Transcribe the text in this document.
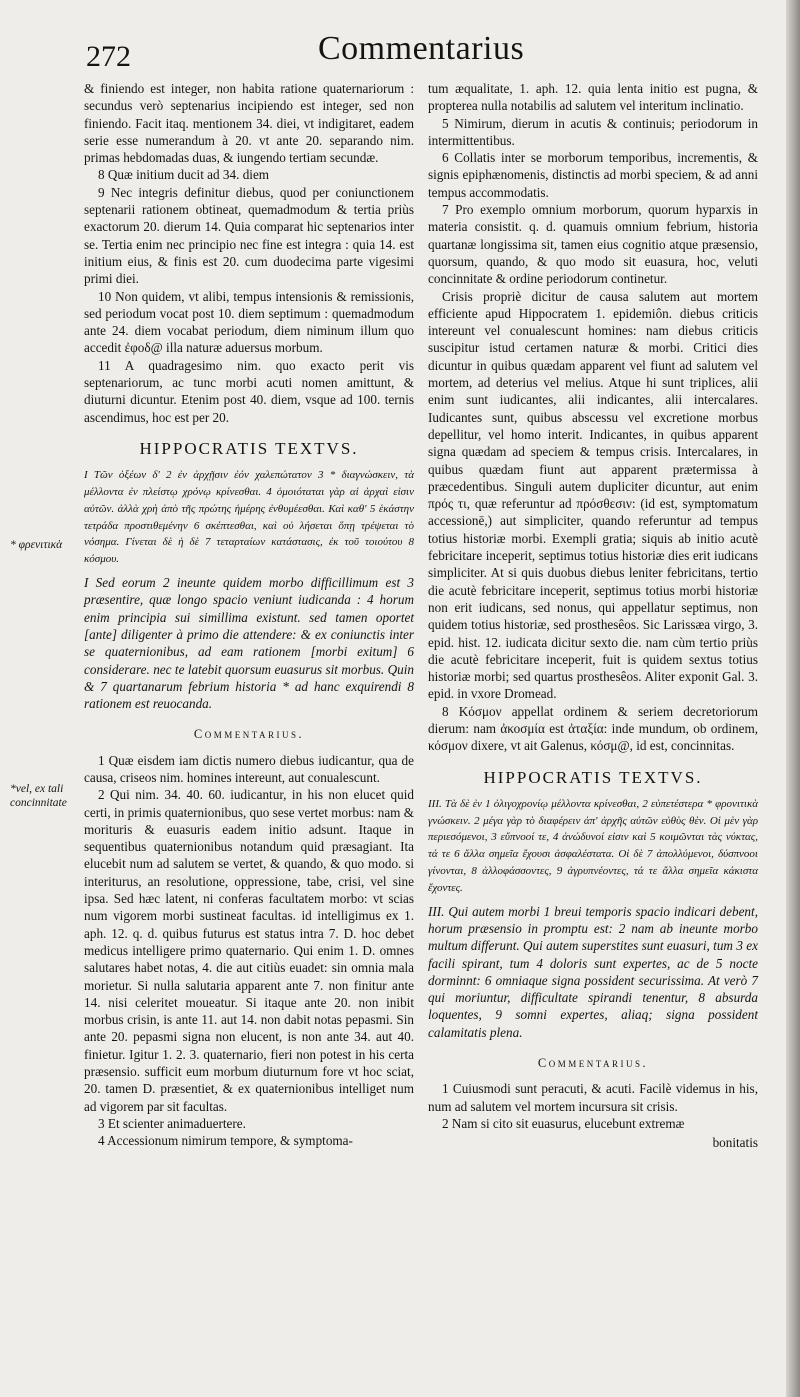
272	Commentarius
* φρενιτικὰ
*vel, ex tali concinnitate

& finiendo est integer, non habita ratione quaternariorum : secundus verò septenarius incipiendo est integer, sed non finiendo. Facit itaq. mentionem 34. diei, vt indigitaret, eadem serie esse numerandum à 20. vt ante 20. separando nim. primas hebdomadas duas, & iungendo tertiam secundæ.

8 Quæ initium ducit ad 34. diem

9 Nec integris definitur diebus, quod per coniunctionem septenarii rationem obtineat, quemadmodum & tertia priùs exactorum 20. dierum 14. Quia comparat hic septenarios inter se. Tertia enim nec principio nec fine est integra : quia 14. est initium eius, & finis est 20. cum duodecima parte vigesimi primi diei.

10 Non quidem, vt alibi, tempus intensionis & remissionis, sed periodum vocat post 10. diem septimum : quemadmodum ante 24. diem vocabat periodum, diem niminum illum quo accedit ἐφοδ@ illa naturæ aduersus morbum.

11 A quadragesimo nim. quo exacto perit vis septenariorum, ac tunc morbi acuti nomen amittunt, & diuturni dicuntur. Etenim post 40. diem, vsque ad 100. ternis ascendimus, hoc est per 20.

HIPPOCRATIS TEXTVS.

I Τῶν ὀξέων δ' 2 ἐν ἀρχῇσιν ἐόν χαλεπώτατον 3 * διαγνώσκειν, τὰ μέλλοντα ἐν πλείστῳ χρόνῳ κρίνεσθαι. 4 ὁμοιόταται γὰρ αἱ ἀρχαὶ εἰσιν αὐτῶν. ἀλλὰ χρὴ ἀπὸ τῆς πρώτης ἡμέρης ἐνθυμέεσθαι. Καὶ καθ' 5 ἑκάστην τετράδα προστιθεμένην 6 σκέπτεσθαι, καὶ οὐ λήσεται ὅπῃ τρέψεται τὸ νόσημα. Γίνεται δὲ ἡ δὲ 7 τεταρταίων κατάστασις, ἐκ τοῦ τοιούτου 8 κόσμου.

I Sed eorum 2 ineunte quidem morbo difficillimum est 3 præsentire, quæ longo spacio veniunt iudicanda : 4 horum enim principia sui simillima existunt. sed tamen oportet [ante] diligenter à primo die attendere: & ex coniunctis inter se quaternionibus, ad eam rationem [morbi exitum] 6 considerare. nec te latebit quorsum euasurus sit morbus. Quin & 7 quartanarum febrium historia * ad hanc exquirendi 8 rationem est reuocanda.

Commentarius.

1 Quæ eisdem iam dictis numero diebus iudicantur, qua de causa, criseos nim. homines intereunt, aut conualescunt.

2 Qui nim. 34. 40. 60. iudicantur, in his non elucet quid certi, in primis quaternionibus, quo sese vertet morbus: nam & morituris & euasuris eadem initio adsunt. Itaque in sequentibus quaternionibus notandum quid præsagiant. Ita elucebit num ad salutem se vertet, & quando, & quo modo. si interiturus, an resolutione, oppressione, tabe, crisi, vel sine ipsa. Sed hæc latent, ni conferas facultatem morbo: vt scias num vigorem morbi sustineat facultas. id intelligimus ex 1. aph. 12. q. d. quibus futurus est status intra 7. D. hoc debet medicus intelligere primo quaternario. Qui enim 1. D. omnes salutares habet notas, 4. die aut citiùs euadet: sin omnia mala morietur. Si nulla salutaria apparent ante 7. non finitur ante 14. nisi celeritet moueatur. Si itaque ante 20. non inibit morbus crisin, is ante 11. aut 14. non dabit notas pepasmi. Sin ante 20. pepasmi signa non elucent, is non ante 34. aut 40. finietur. Igitur 1. 2. 3. quaternario, fieri non potest in his certa præsensio. sufficit eum morbum diuturnum fore vt hoc sciat, 20. tamen D. præsentiet, & ex quaternionibus intelliget num ad vigorem par sit facultas.

3 Et scienter animaduertere.

4 Accessionum nimirum tempore, & symptoma-

tum æqualitate, 1. aph. 12. quia lenta initio est pugna, & propterea nulla notabilis ad salutem vel interitum inclinatio.

5 Nimirum, dierum in acutis & continuis; periodorum in intermittentibus.

6 Collatis inter se morborum temporibus, incrementis, & signis epiphænomenis, distinctis ad morbi speciem, & ad anni tempus accommodatis.

7 Pro exemplo omnium morborum, quorum hyparxis in materia consistit. q. d. quamuis omnium febrium, historia quartanæ longissima sit, tamen eius cognitio atque præsensio, quorsum, quando, & quo modo sit euasura, hoc, veluti concinnitate & ordine periodorum continetur.

Crisis propriè dicitur de causa salutem aut mortem efficiente apud Hippocratem 1. epidemiôn. diebus criticis intereunt vel conualescunt homines: nam diebus criticis suscipitur istud certamen naturæ & morbi. Critici dies dicuntur in quibus quædam apparent vel fiunt ad salutem vel mortem, ad deterius vel melius. Atque hi sunt triplices, alii enim sunt iudicantes, alii indicantes, alii intercalares. Iudicantes sunt, quibus abscessu vel excretione morbus depellitur, vel homo interit. Indicantes, in quibus apparent signa quædam ad speciem & tempus crisis. Intercalares, in quibus quædam fiunt aut apparent prætermissa à præcedentibus. Singuli autem dupliciter dicuntur, aut enim πρός τι, quæ referuntur ad πρόσθεσιν: (id est, symptomatum accessionē,) aut simpliciter, quando referuntur ad tempus totius historiæ morbi. Exempli gratia; siquis ab initio acutè febricitare inceperit, septimus totius historiæ dies erit iudicans simpliciter. At si quis duobus diebus leniter febricitans, tertio die acutè febricitare inceperit, septimus totius morbi historiæ non erit iudicans, sed nonus, qui appellatur septimus, non quidem totius historiæ, sed prosthesêos. Sic Larissæa virgo, 3. epid. hist. 12. iudicata dicitur sexto die. nam cùm tertio priùs die acutè febricitare inceperit, fuit is quidem sextus totius historiæ morbi; sed quartus prosthesêos. Aliter exponit Gal. 3. epid. in vxore Dromead.

8 Κόσμον appellat ordinem & seriem decretoriorum dierum: nam ἀκοσμία est ἀταξία: inde mundum, ob ordinem, κόσμον dixere, vt ait Galenus, κόσμ@, id est, concinnitas.

HIPPOCRATIS TEXTVS.

III. Τὰ δὲ ἐν 1 ὀλιγοχρονίῳ μέλλοντα κρίνεσθαι, 2 εὐπετέστερα * φρονιτικὰ γνώσκειν. 2 μέγα γὰρ τὸ διαφέρειν ἀπ' ἀρχῆς αὐτῶν εὐθὺς θὲν. Οἱ μὲν γὰρ περιεσόμενοι, 3 εὔπνοοί τε, 4 ἀνώδυνοί εἰσιν καὶ 5 κοιμῶνται τὰς νύκτας, τά τε 6 ἄλλα σημεῖα ἔχουσι ἀσφαλέστατα. Οἱ δὲ 7 ἀπολλύμενοι, δύσπνοοι γίνονται, 8 ἀλλοφάσσοντες, 9 ἀγρυπνέοντες, τά τε ἄλλα σημεῖα κάκιστα ἔχοντες.

III. Qui autem morbi 1 breui temporis spacio indicari debent, horum præsensio in promptu est: 2 nam ab ineunte morbo multum differunt. Qui autem superstites sunt euasuri, tum 3 ex facili spirant, tum 4 doloris sunt expertes, ac de 5 nocte dorminnt: 6 omniaque signa possident securissima. At verò 7 qui moriuntur, difficultate spirandi tenentur, 8 absurda loquentes, 9 somni expertes, aliaq; signa possident calamitatis plena.

Commentarius.

1 Cuiusmodi sunt peracuti, & acuti. Facilè videmus in his, num ad salutem vel mortem incursura sit crisis.

2 Nam si cito sit euasurus, elucebunt extremæ

bonitatis
